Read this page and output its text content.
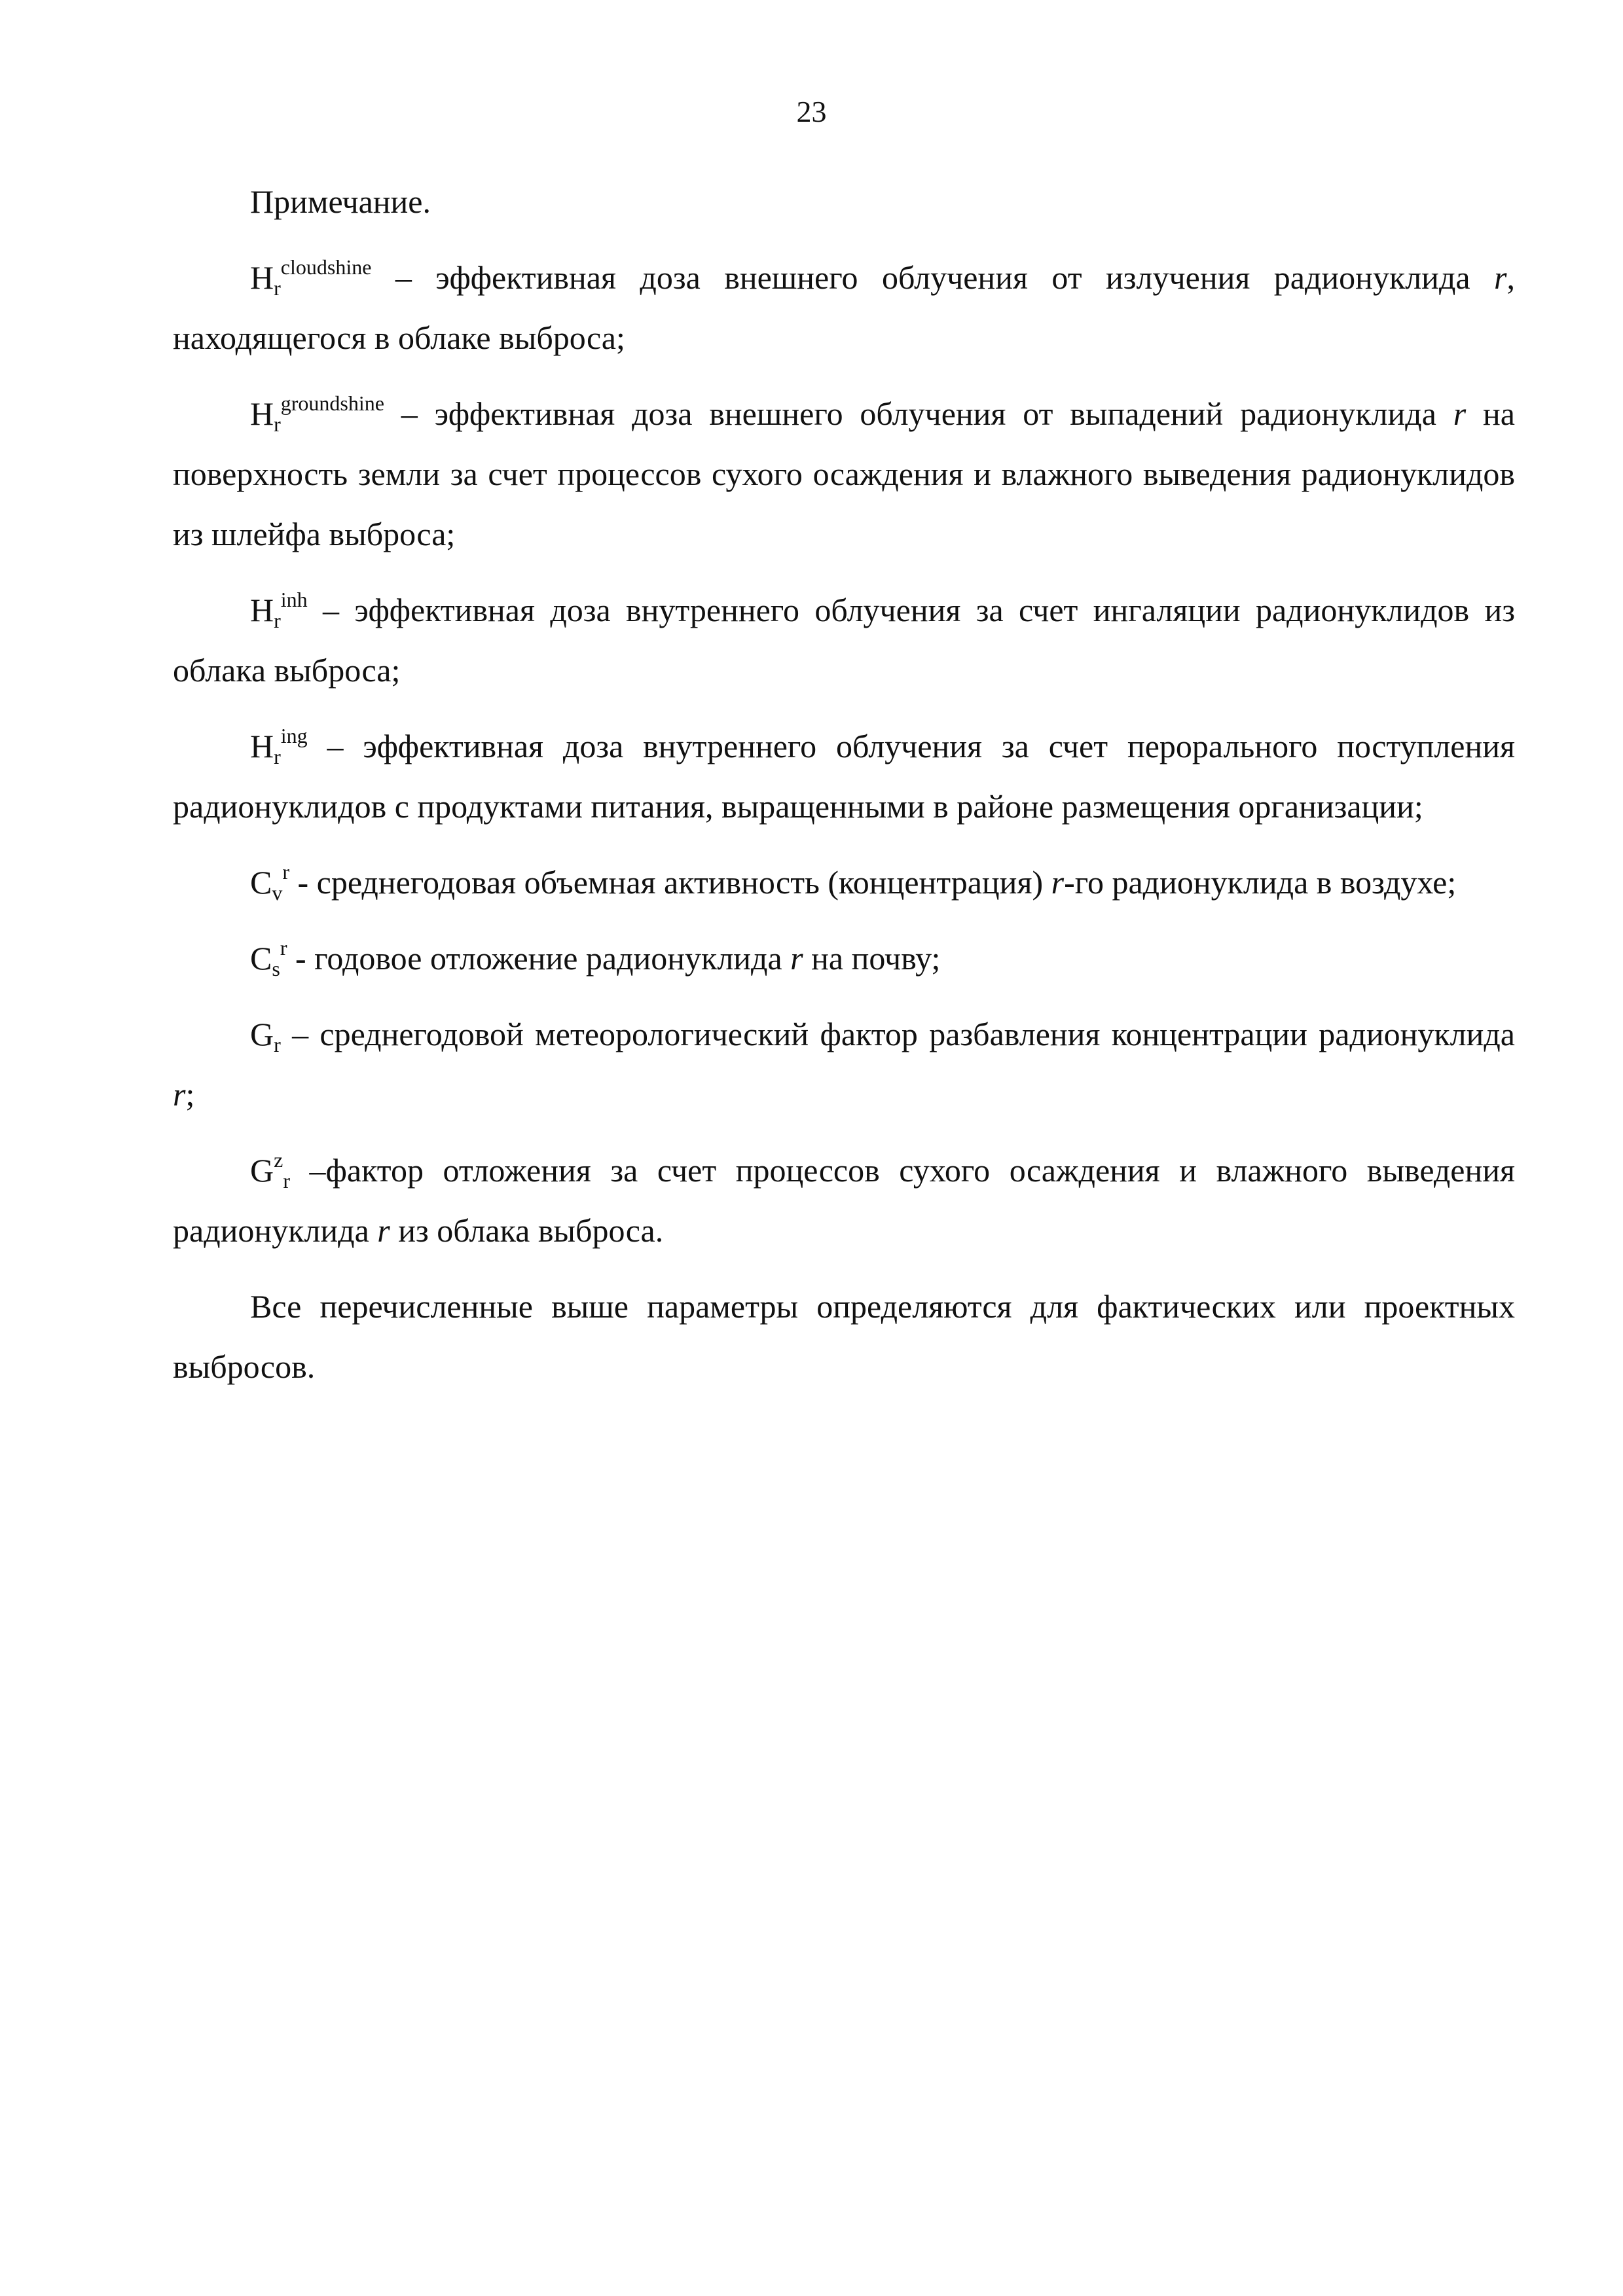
23

Примечание.

$H_r^{cloudshine}$ – эффективная доза внешнего облучения от излучения радионуклида r, находящегося в облаке выброса;

$H_r^{groundshine}$ – эффективная доза внешнего облучения от выпадений радионуклида r на поверхность земли за счет процессов сухого осаждения и влажного выведения радионуклидов из шлейфа выброса;

$H_r^{inh}$ – эффективная доза внутреннего облучения за счет ингаляции радионуклидов из облака выброса;

$H_r^{ing}$ – эффективная доза внутреннего облучения за счет перорального поступления радионуклидов с продуктами питания, выращенными в районе размещения организации;

$C_v^r$ - среднегодовая объемная активность (концентрация) r-го радионуклида в воздухе;

$C_s^r$ - годовое отложение радионуклида r на почву;

$G_r$ – среднегодовой метеорологический фактор разбавления концентрации радионуклида r;

$G^z_r$ –фактор отложения за счет процессов сухого осаждения и влажного выведения радионуклида r из облака выброса.

Все перечисленные выше параметры определяются для фактических или проектных выбросов.
